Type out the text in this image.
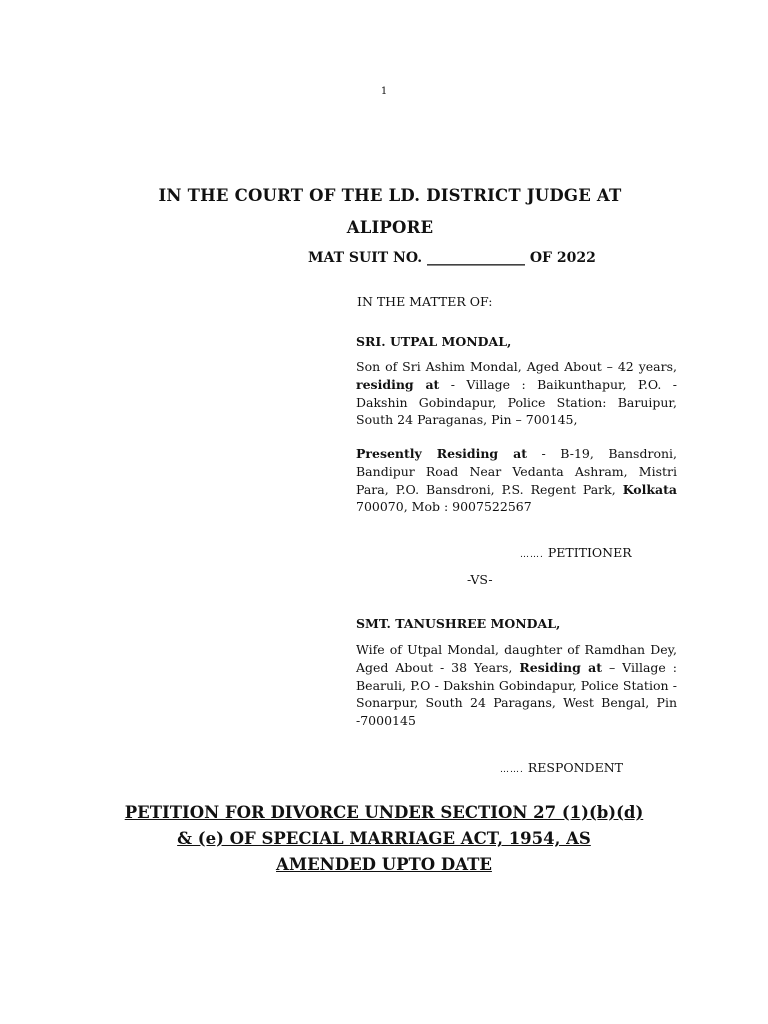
1
IN THE COURT OF THE LD. DISTRICT JUDGE AT
ALIPORE
MAT SUIT NO. ______________ OF 2022
IN THE MATTER OF:
SRI. UTPAL MONDAL,
Son of Sri Ashim Mondal, Aged About – 42 years, residing at - Village : Baikunthapur, P.O. - Dakshin Gobindapur, Police Station: Baruipur, South 24 Paraganas, Pin – 700145,
Presently Residing at - B-19, Bansdroni, Bandipur Road Near Vedanta Ashram, Mistri Para, P.O. Bansdroni, P.S. Regent Park, Kolkata 700070, Mob : 9007522567
……. PETITIONER
-VS-
SMT. TANUSHREE MONDAL,
Wife of Utpal Mondal, daughter of Ramdhan Dey, Aged About - 38 Years, Residing at – Village : Bearuli, P.O - Dakshin Gobindapur, Police Station - Sonarpur, South 24 Paragans, West Bengal, Pin -7000145
……. RESPONDENT
PETITION FOR DIVORCE UNDER SECTION 27 (1)(b)(d)
& (e) OF SPECIAL MARRIAGE ACT, 1954, AS
AMENDED UPTO DATE
